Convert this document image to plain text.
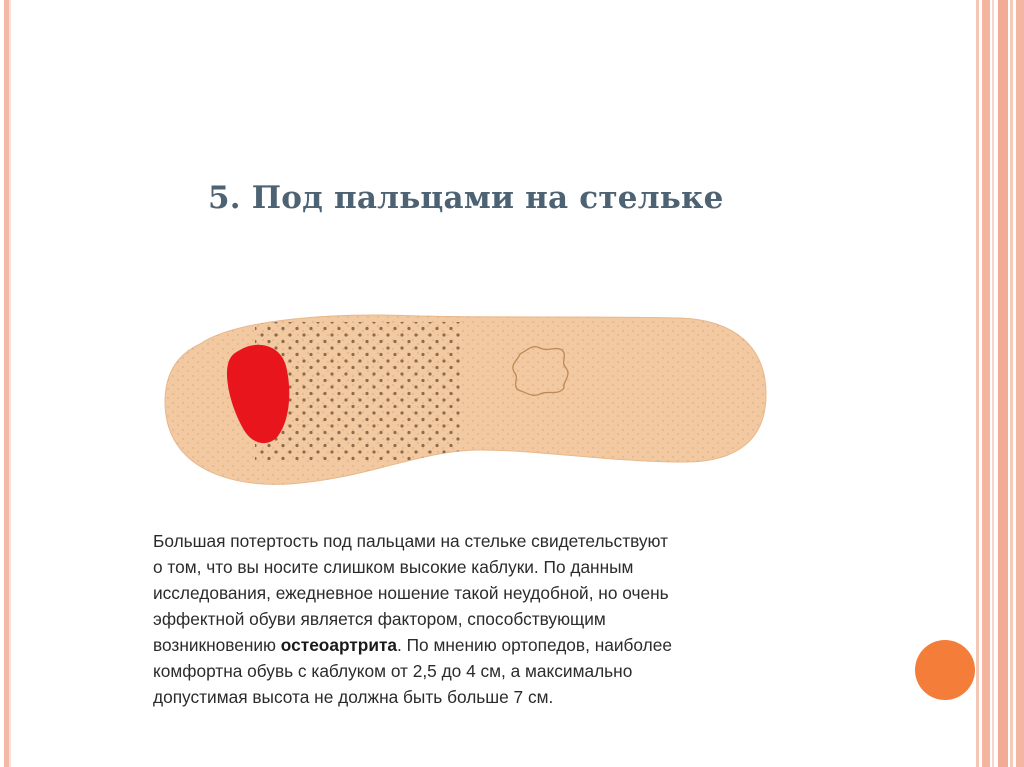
5. Под пальцами на стельке

Большая потертость под пальцами на стельке свидетельствуют
о том, что вы носите слишком высокие каблуки. По данным
исследования, ежедневное ношение такой неудобной, но очень
эффектной обуви является фактором, способствующим
возникновению остеоартрита. По мнению ортопедов, наиболее
комфортна обувь с каблуком от 2,5 до 4 см, а максимально
допустимая высота не должна быть больше 7 см.
